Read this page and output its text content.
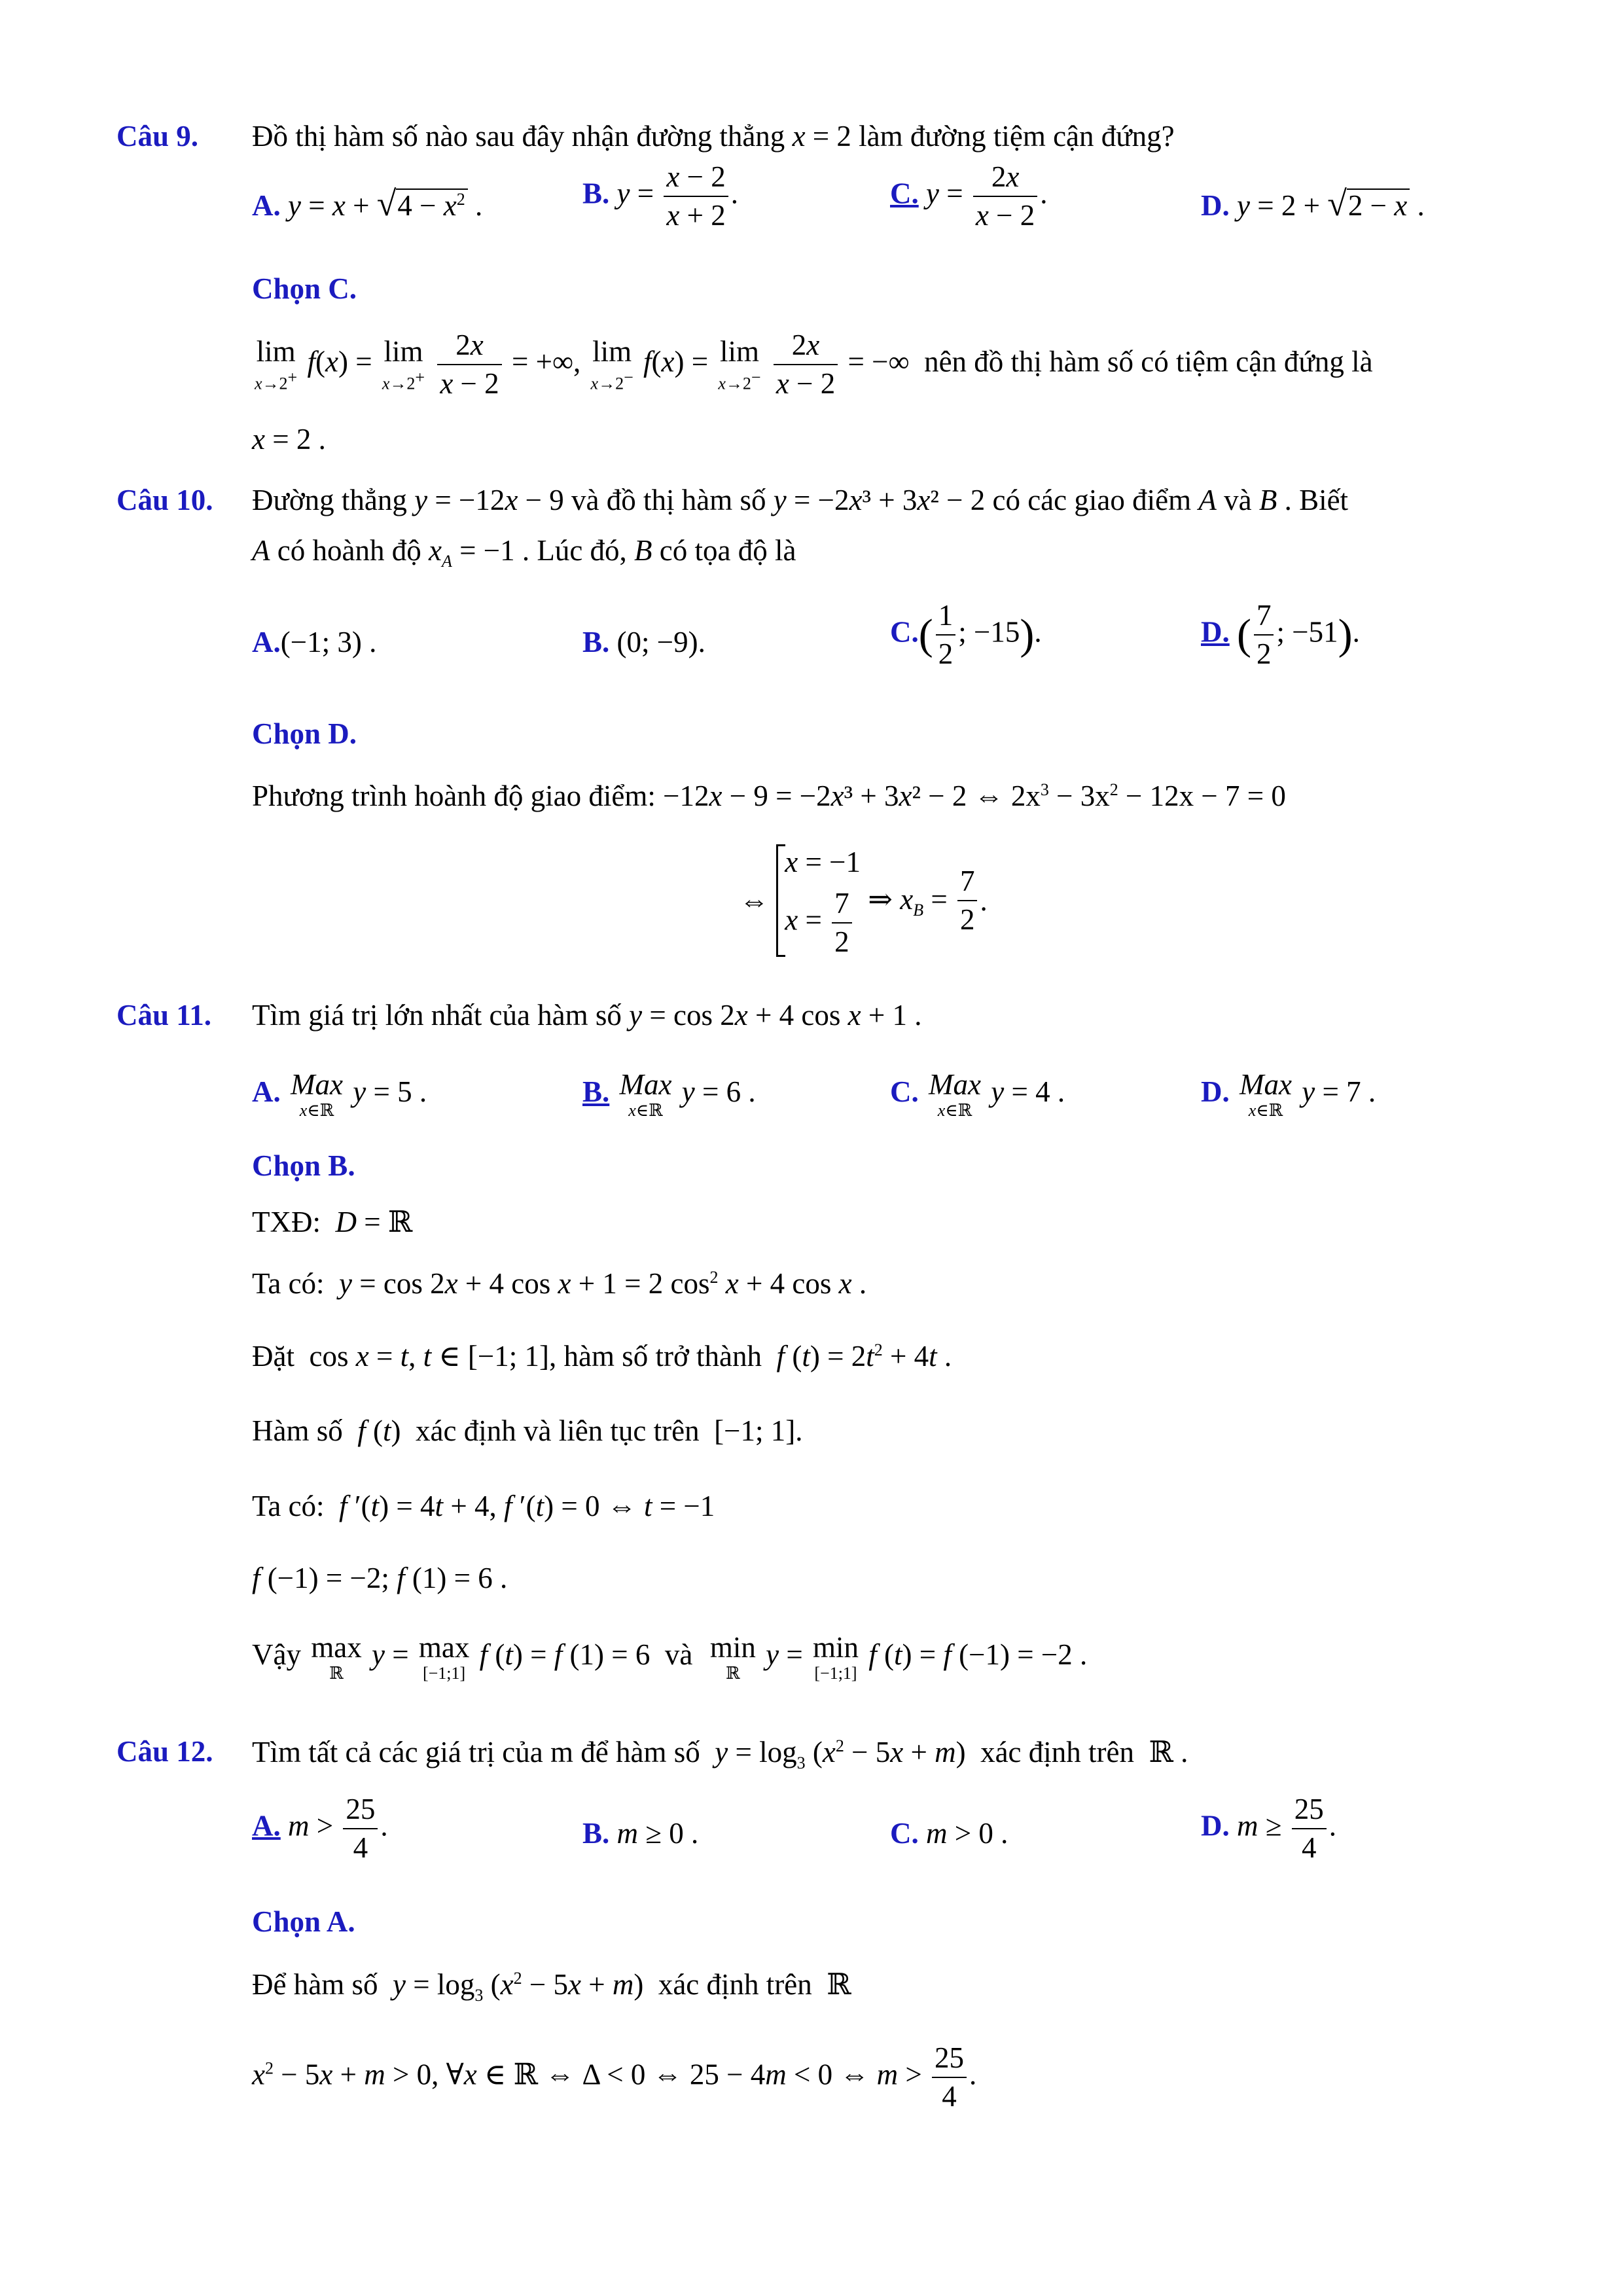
Câu 9. Đồ thị hàm số nào sau đây nhận đường thẳng x = 2 làm đường tiệm cận đứng?
A. $y = x + √4 - x^2$ .	B. $y = \frac{x - 2}{x + 2}$ .	C. $y = \frac{2x}{x - 2}$ .	D. y = 2 + √2 − x .
Chọn C.
lim
x→2+ f(x) = lim
x→2+
$\frac{2x}{x - 2}$ = +∞, lim
x→2− f(x) = lim
x→2−
$\frac{2x}{x - 2}$ = −∞  nên đồ thị hàm số có tiệm cận đứng là
x = 2 .
Câu 10. Đường thẳng y = −12x − 9 và đồ thị hàm số y = −2x³ + 3x² − 2 có các giao điểm A và B . Biết
A có hoành độ $x_A = -1$ . Lúc đó, B có tọa độ là
A.(−1; 3) .	B. (0; −9).	$C.( \frac{1}{2}$ ; −15).	D. ( $\frac{7}{2}$ ; −51).
Chọn D.
Phương trình hoành độ giao điểm: −12x − 9 = −2x³ + 3x² − 2 ⇔ $2x^3 - 3x^2 - 12x - 7 = 0$
⇔
x = −1
$x = \frac{7}{2}$ ⇒ $x_B = \frac{7}{2}$ .
Câu 11. Tìm giá trị lớn nhất của hàm số y = cos 2x + 4 cos x + 1 .
A. Max
x∈ℝ
y = 5 .	B. Max
x∈ℝ
y = 6 .	C. Max
x∈ℝ
y = 4 .	D. Max
x∈ℝ
y = 7 .
Chọn B.
TXĐ:  D = ℝ
Ta có:  y = cos 2x + 4 cos x + 1 = 2 $\cos^2 x + 4$ cos x .
Đặt  cos x = t, t ∈ [−1; 1], hàm số trở thành  f $(t) = 2t^2 + 4t$ .
Hàm số  f (t)  xác định và liên tục trên  [−1; 1].
Ta có:  f ′(t) = 4t + 4, f ′(t) = 0 ⇔ t = −1
f (−1) = −2; f (1) = 6 .
Vậy max
ℝ
y = max
[−1;1]
f (t) = f (1) = 6  và min
ℝ
y = min
[−1;1]
f (t) = f (−1) = −2 .
Câu 12. Tìm tất cả các giá trị của m để hàm số  $y = \log_3 (x^2 - 5x + m)$  xác định trên  ℝ .
A. $m > \frac{25}{4}$ .	B. m ≥ 0 .	C. m > 0 .	D. $m \ge \frac{25}{4}$ .
Chọn A.
Để hàm số  $y = \log_3 (x^2 - 5x + m)$  xác định trên  ℝ
$x^2 - 5x + m > 0$, ∀x ∈ ℝ ⇔ Δ < 0 ⇔ 25 − 4m < 0 ⇔ $m > \frac{25}{4}$ .
